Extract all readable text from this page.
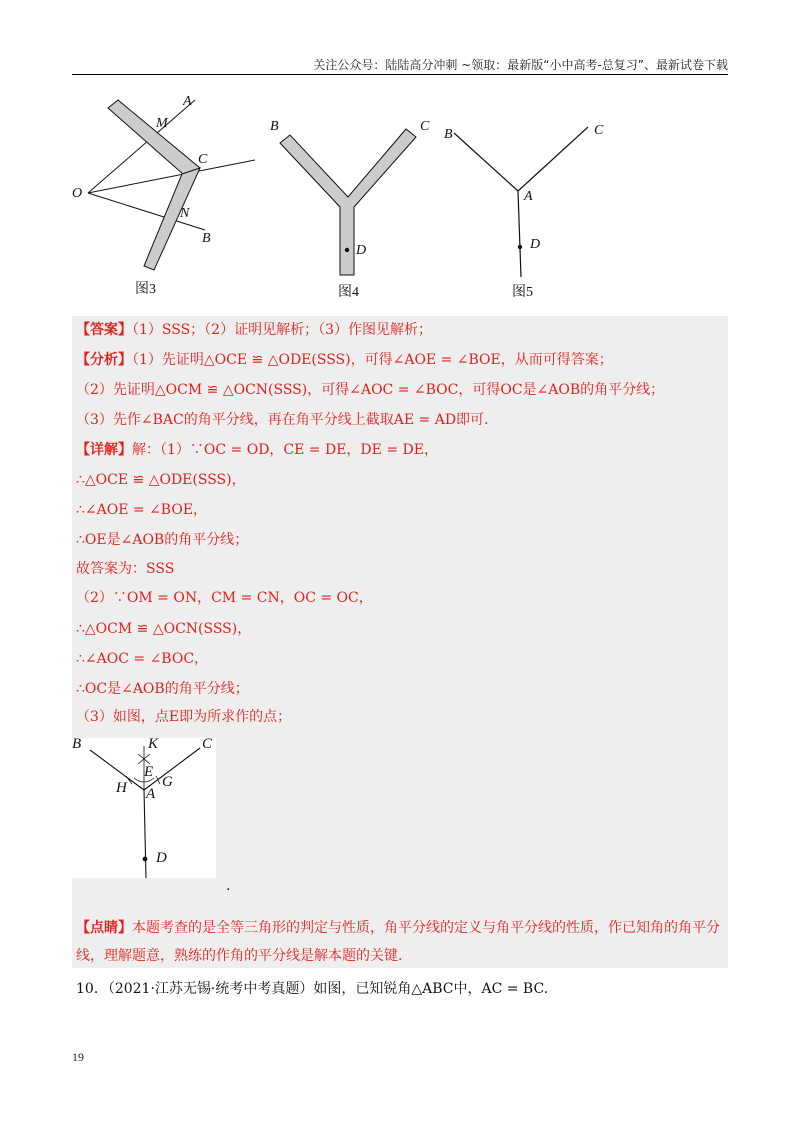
关注公众号：陆陆高分冲刺 ~领取：最新版“小中高考-总复习”、最新试卷下载
O
A
M
C
N
B
图3
B	C
D
图4
B	C
A
D
图5
【答案】（1）SSS；（2）证明见解析；（3）作图见解析；
【分析】（1）先证明△OCE ≌ △ODE(SSS)，可得∠AOE = ∠BOE，从而可得答案；
（2）先证明△OCM ≌ △OCN(SSS)，可得∠AOC = ∠BOC，可得OC是∠AOB的角平分线；
（3）先作∠BAC的角平分线，再在角平分线上截取AE = AD即可.
【详解】解：（1）∵OC = OD，CE = DE，DE = DE，
∴△OCE ≌ △ODE(SSS)，
∴∠AOE = ∠BOE，
∴OE是∠AOB的角平分线；
故答案为：SSS
（2）∵OM = ON，CM = CN，OC = OC，
∴△OCM ≌ △OCN(SSS)，
∴∠AOC = ∠BOC，
∴OC是∠AOB的角平分线；
（3）如图，点E即为所求作的点；
B	K	C
E
H G
A
D
.
【点睛】本题考查的是全等三角形的判定与性质，角平分线的定义与角平分线的性质，作已知角的角平分
线，理解题意，熟练的作角的平分线是解本题的关键.
10．（2021·江苏无锡·统考中考真题）如图，已知锐角△ABC中，AC = BC.
19
